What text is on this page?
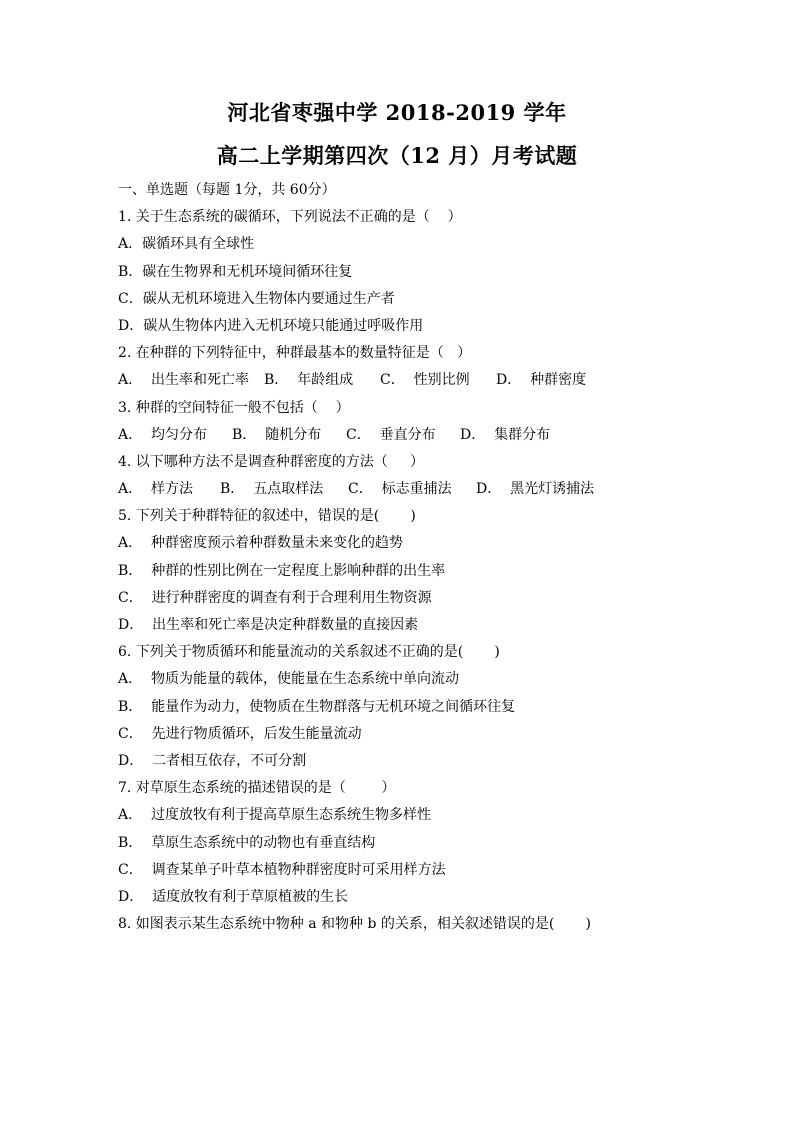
河北省枣强中学 2018-2019 学年
高二上学期第四次（12 月）月考试题
一、单选题（每题 1分，共 60分）
1. 关于生态系统的碳循环，下列说法不正确的是（    ）
A．碳循环具有全球性
B．碳在生物界和无机环境间循环往复
C．碳从无机环境进入生物体内要通过生产者
D．碳从生物体内进入无机环境只能通过呼吸作用
2. 在种群的下列特征中，种群最基本的数量特征是（   ）
A．  出生率和死亡率	B．  年龄组成	C．  性别比例	D．  种群密度
3. 种群的空间特征一般不包括（    ）
A．  均匀分布	B．  随机分布	C．  垂直分布	D．  集群分布
4. 以下哪种方法不是调查种群密度的方法（     ）
A．  样方法	B．  五点取样法	C．  标志重捕法	D．  黑光灯诱捕法
5. 下列关于种群特征的叙述中，错误的是(       )
A．  种群密度预示着种群数量未来变化的趋势
B．  种群的性别比例在一定程度上影响种群的出生率
C．  进行种群密度的调查有利于合理利用生物资源
D．  出生率和死亡率是决定种群数量的直接因素
6. 下列关于物质循环和能量流动的关系叙述不正确的是(       )
A．  物质为能量的载体，使能量在生态系统中单向流动
B．  能量作为动力，使物质在生物群落与无机环境之间循环往复
C．  先进行物质循环，后发生能量流动
D．  二者相互依存，不可分割
7. 对草原生态系统的描述错误的是（        ）
A．  过度放牧有利于提高草原生态系统生物多样性
B．  草原生态系统中的动物也有垂直结构
C．  调查某单子叶草本植物种群密度时可采用样方法
D．  适度放牧有利于草原植被的生长
8. 如图表示某生态系统中物种 a 和物种 b 的关系，相关叙述错误的是(       )
